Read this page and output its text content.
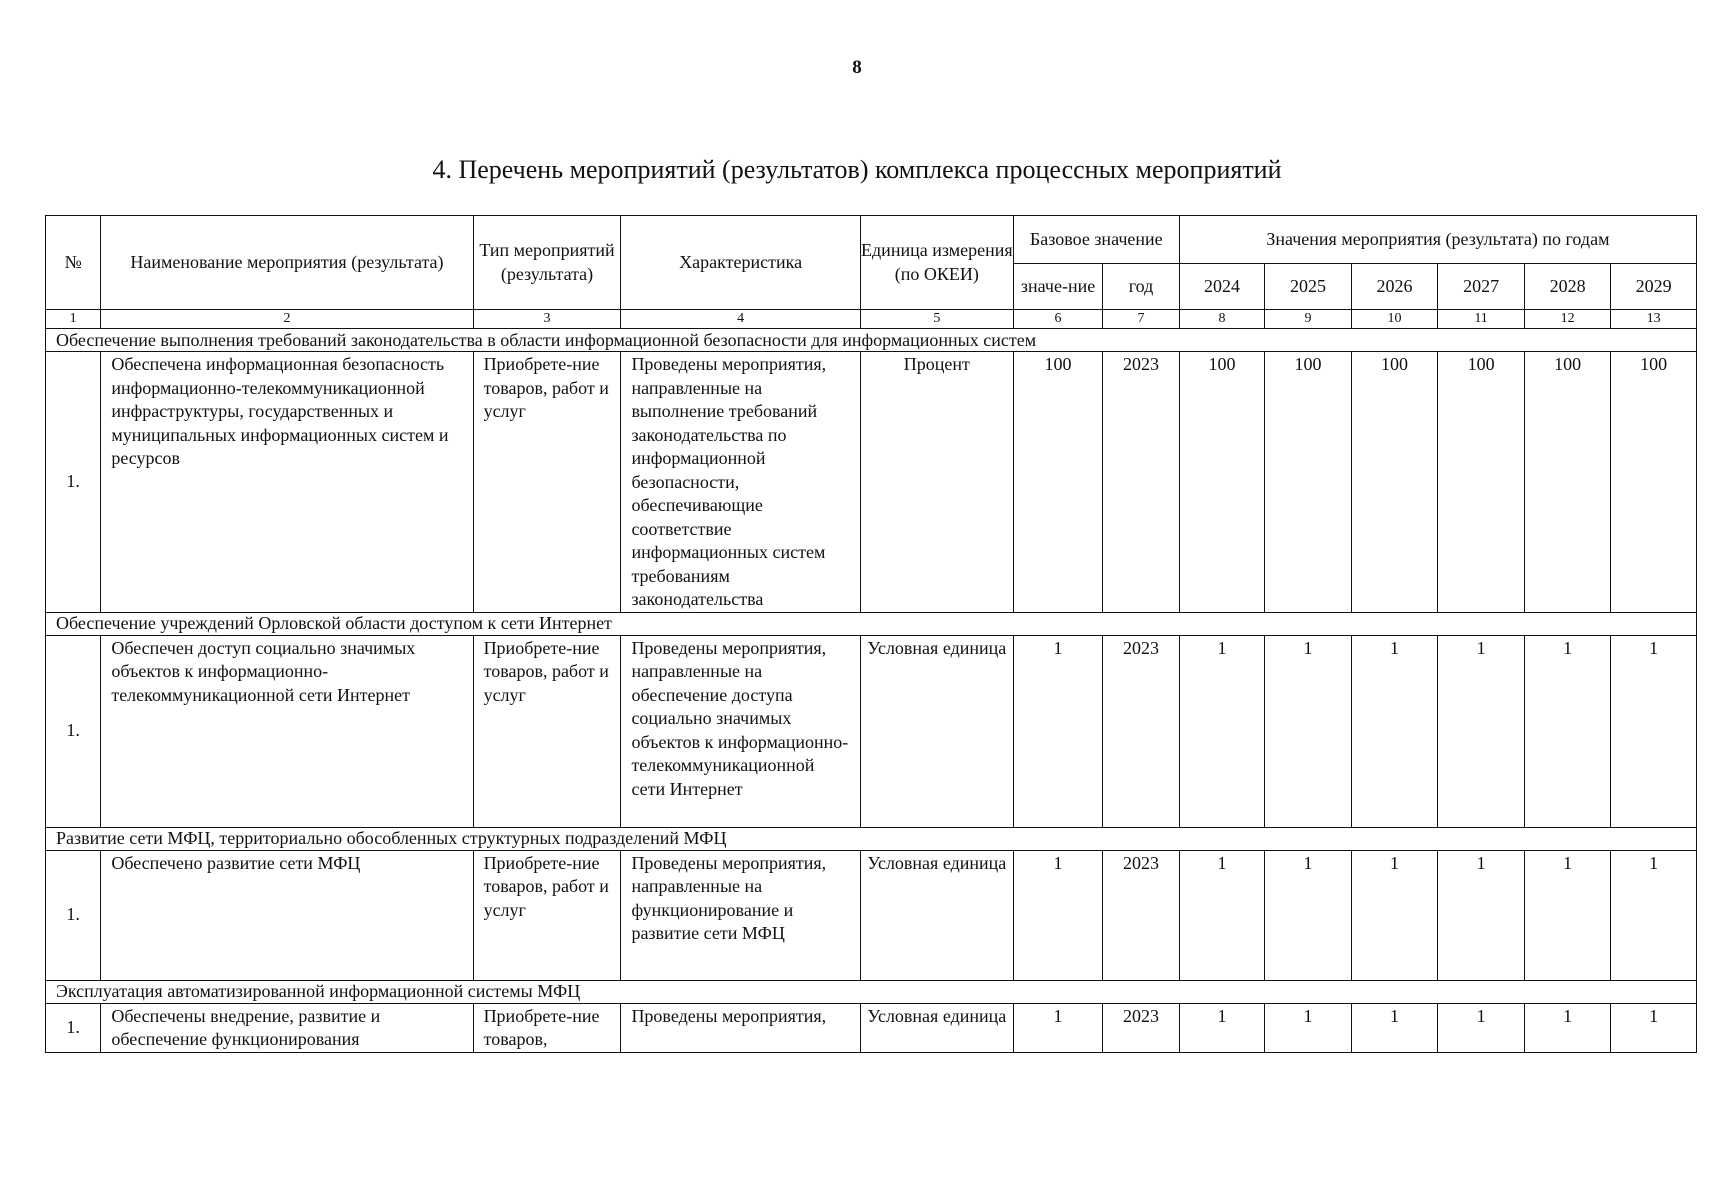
8
4. Перечень мероприятий (результатов) комплекса процессных мероприятий
№	Наименование мероприятия (результата)	Тип мероприятий (результата)	Характеристика	Единица измерения (по ОКЕИ)	Базовое значение		Значения мероприятия (результата) по годам					
					значе-ние	год	2024	2025	2026	2027	2028	2029
1	2	3	4	5	6	7	8	9	10	11	12	13
Обеспечение выполнения требований законодательства в области информационной безопасности для информационных систем												
1.	Обеспечена информационная безопасность информационно-телекоммуникационной инфраструктуры, государственных и муниципальных информационных систем и ресурсов	Приобрете-ние товаров, работ и услуг	Проведены мероприятия, направленные на выполнение требований законодательства по информационной безопасности, обеспечивающие соответствие информационных систем требованиям законодательства	Процент	100	2023	100	100	100	100	100	100
Обеспечение учреждений Орловской области доступом к сети Интернет												
1.	Обеспечен доступ социально значимых объектов к информационно-телекоммуникационной сети Интернет	Приобрете-ние товаров, работ и услуг	Проведены мероприятия, направленные на обеспечение доступа социально значимых объектов к информационно-телекоммуникационной сети Интернет	Условная единица	1	2023	1	1	1	1	1	1
Развитие сети МФЦ, территориально обособленных структурных подразделений МФЦ												
1.	Обеспечено развитие сети МФЦ	Приобрете-ние товаров, работ и услуг	Проведены мероприятия, направленные на функционирование и развитие сети МФЦ	Условная единица	1	2023	1	1	1	1	1	1
Эксплуатация автоматизированной информационной системы МФЦ												
1.	Обеспечены внедрение, развитие и обеспечение функционирования	Приобрете-ние товаров,	Проведены мероприятия,	Условная единица	1	2023	1	1	1	1	1	1
